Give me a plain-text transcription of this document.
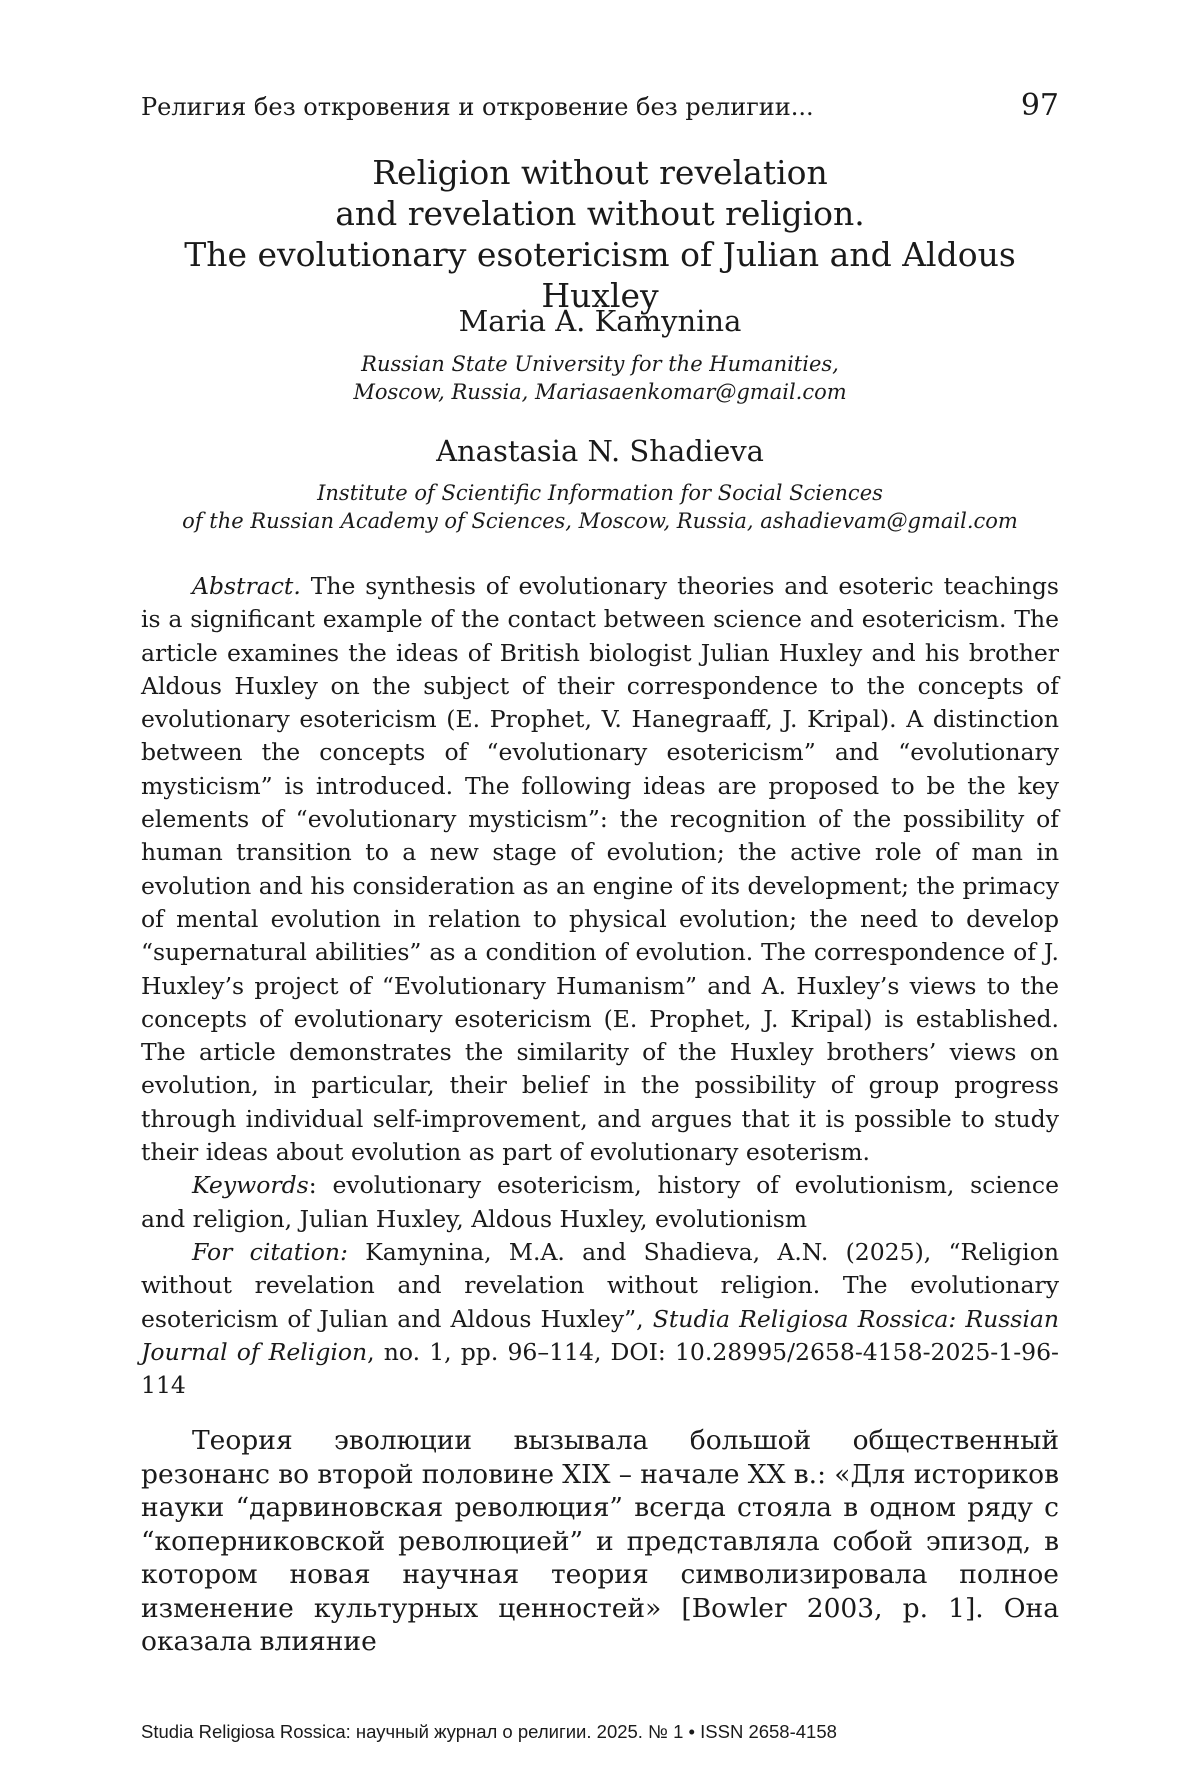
Религия без откровения и откровение без религии...	97
Religion without revelation
and revelation without religion.
The evolutionary esotericism of Julian and Aldous Huxley
Maria A. Kamynina
Russian State University for the Humanities,
Moscow, Russia, Mariasaenkomar@gmail.com
Anastasia N. Shadieva
Institute of Scientific Information for Social Sciences
of the Russian Academy of Sciences, Moscow, Russia, ashadievam@gmail.com

Abstract. The synthesis of evolutionary theories and esoteric teachings is a significant example of the contact between science and esotericism. The article examines the ideas of British biologist Julian Huxley and his brother Aldous Huxley on the subject of their correspondence to the concepts of evolutionary esotericism (E. Prophet, V. Hanegraaff, J. Kripal). A distinction between the concepts of “evolutionary esotericism” and “evolutionary mysticism” is introduced. The following ideas are proposed to be the key elements of “evolutionary mysticism”: the recognition of the possibility of human transition to a new stage of evolution; the active role of man in evolution and his consideration as an engine of its development; the primacy of mental evolution in relation to physical evolution; the need to develop “supernatural abilities” as a condition of evolution. The correspondence of J. Huxley’s project of “Evolutionary Humanism” and A. Huxley’s views to the concepts of evolutionary esotericism (E. Prophet, J. Kripal) is established. The article demonstrates the similarity of the Huxley brothers’ views on evolution, in particular, their belief in the possibility of group progress through individual self-improvement, and argues that it is possible to study their ideas about evolution as part of evolutionary esoterism.

Keywords: evolutionary esotericism, history of evolutionism, science and religion, Julian Huxley, Aldous Huxley, evolutionism

For citation: Kamynina, M.A. and Shadieva, A.N. (2025), “Religion without revelation and revelation without religion. The evolutionary esotericism of Julian and Aldous Huxley”, Studia Religiosa Rossica: Russian Journal of Religion, no. 1, pp. 96–114, DOI: 10.28995/2658-4158-2025-1-96-114

Теория эволюции вызывала большой общественный резонанс во второй половине XIX – начале XX в.: «Для историков науки “дарвиновская революция” всегда стояла в одном ряду с “коперниковской революцией” и представляла собой эпизод, в котором новая научная теория символизировала полное изменение культурных ценностей» [Bowler 2003, p. 1]. Она оказала влияние

Studia Religiosa Rossica: научный журнал о религии. 2025. № 1 • ISSN 2658-4158
